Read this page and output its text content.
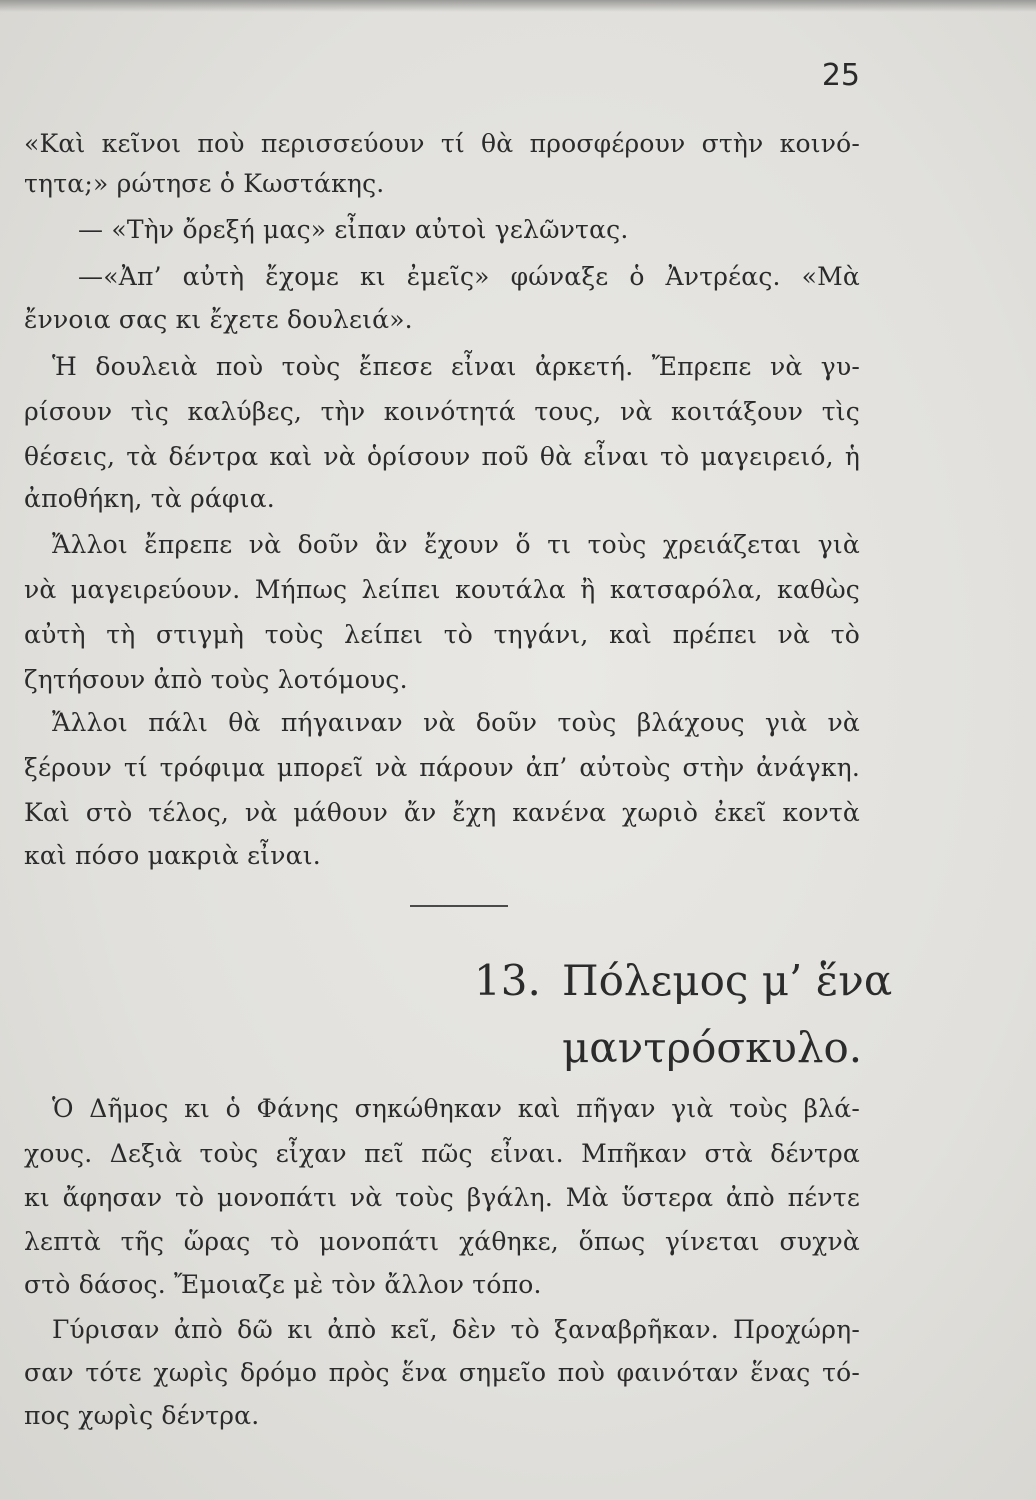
25
«Καὶ κεῖνοι ποὺ περισσεύουν τί θὰ προσφέρουν στὴν κοινό-
τητα;» ρώτησε ὁ Κωστάκης.
— «Τὴν ὄρεξή μας» εἶπαν αὐτοὶ γελῶντας.
—«Ἀπ’ αὐτὴ ἔχομε κι ἐμεῖς» φώναξε ὁ Ἀντρέας. «Μὰ
ἔννοια σας κι ἔχετε δουλειά».
Ἡ δουλειὰ ποὺ τοὺς ἔπεσε εἶναι ἀρκετή. Ἔπρεπε νὰ γυ-
ρίσουν τὶς καλύβες, τὴν κοινότητά τους, νὰ κοιτάξουν τὶς
θέσεις, τὰ δέντρα καὶ νὰ ὁρίσουν ποῦ θὰ εἶναι τὸ μαγειρειό, ἡ
ἀποθήκη, τὰ ράφια.
Ἄλλοι ἔπρεπε νὰ δοῦν ἂν ἔχουν ὅ τι τοὺς χρειάζεται γιὰ
νὰ μαγειρεύουν. Μήπως λείπει κουτάλα ἢ κατσαρόλα, καθὼς
αὐτὴ τὴ στιγμὴ τοὺς λείπει τὸ τηγάνι, καὶ πρέπει νὰ τὸ
ζητήσουν ἀπὸ τοὺς λοτόμους.
Ἄλλοι πάλι θὰ πήγαιναν νὰ δοῦν τοὺς βλάχους γιὰ νὰ
ξέρουν τί τρόφιμα μπορεῖ νὰ πάρουν ἀπ’ αὐτοὺς στὴν ἀνάγκη.
Καὶ στὸ τέλος, νὰ μάθουν ἄν ἔχη κανένα χωριὸ ἐκεῖ κοντὰ
καὶ πόσο μακριὰ εἶναι.
13. Πόλεμος μ’ ἕνα
μαντρόσκυλο.
Ὁ Δῆμος κι ὁ Φάνης σηκώθηκαν καὶ πῆγαν γιὰ τοὺς βλά-
χους. Δεξιὰ τοὺς εἶχαν πεῖ πῶς εἶναι. Μπῆκαν στὰ δέντρα
κι ἄφησαν τὸ μονοπάτι νὰ τοὺς βγάλη. Μὰ ὕστερα ἀπὸ πέντε
λεπτὰ τῆς ὥρας τὸ μονοπάτι χάθηκε, ὅπως γίνεται συχνὰ
στὸ δάσος. Ἔμοιαζε μὲ τὸν ἄλλον τόπο.
Γύρισαν ἀπὸ δῶ κι ἀπὸ κεῖ, δὲν τὸ ξαναβρῆκαν. Προχώρη-
σαν τότε χωρὶς δρόμο πρὸς ἕνα σημεῖο ποὺ φαινόταν ἕνας τό-
πος χωρὶς δέντρα.
